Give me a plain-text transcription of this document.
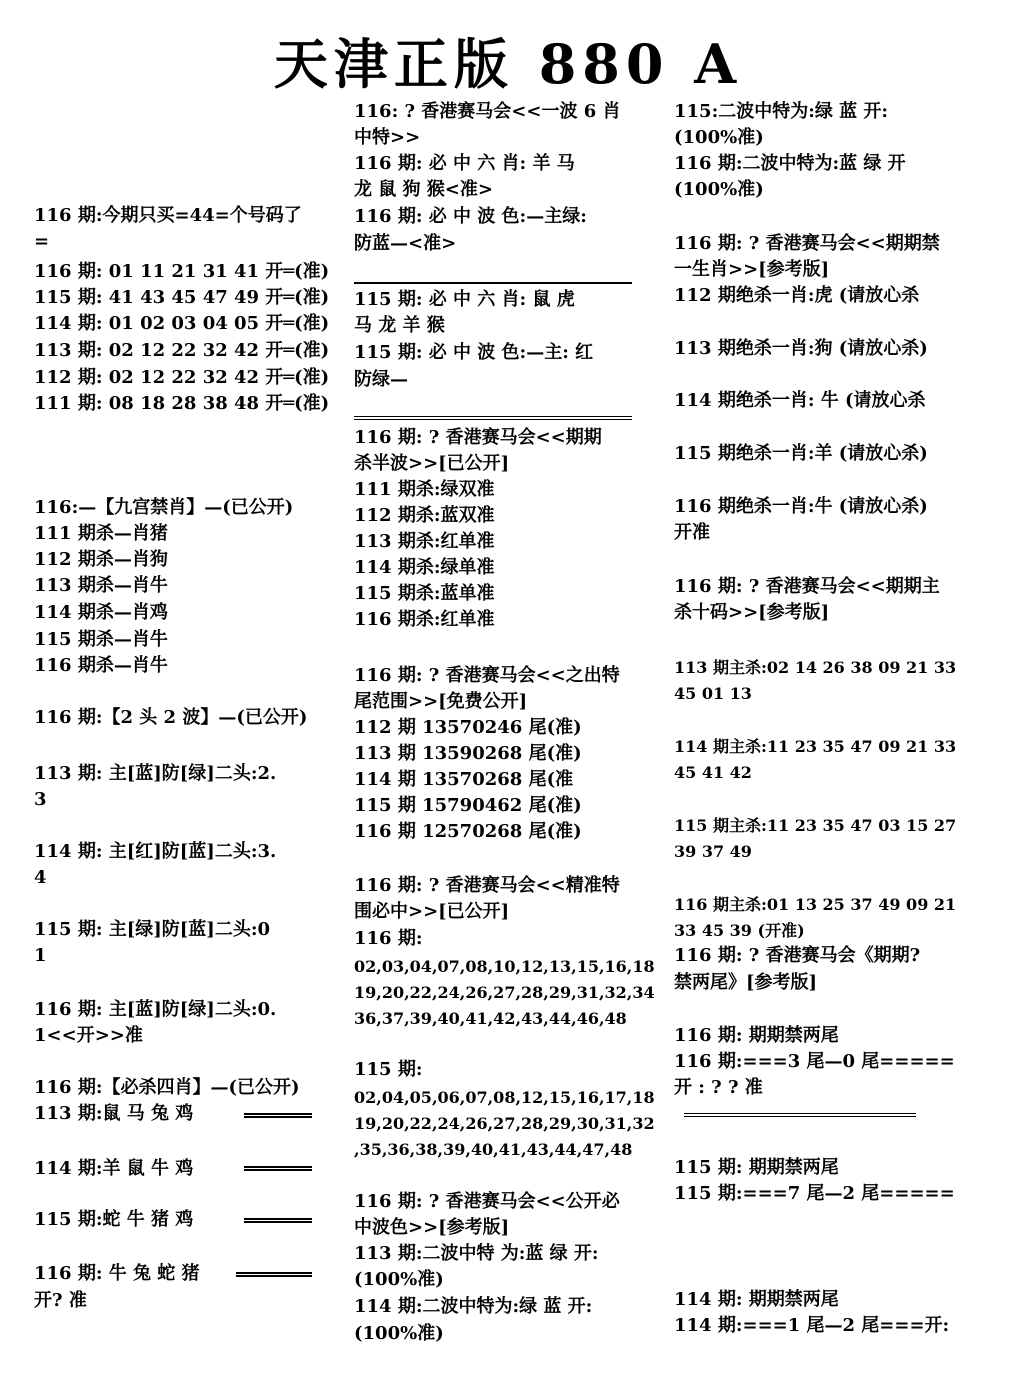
天津正版 880 A
116 期:今期只买=44=个号码了
=
116 期: 01 11 21 31 41 开═(准)
115 期: 41 43 45 47 49 开═(准)
114 期: 01 02 03 04 05 开═(准)
113 期: 02 12 22 32 42 开═(准)
112 期: 02 12 22 32 42 开═(准)
111 期: 08 18 28 38 48 开═(准)
116:—【九宫禁肖】—(已公开)
111 期杀—肖猪
112 期杀—肖狗
113 期杀—肖牛
114 期杀—肖鸡
115 期杀—肖牛
116 期杀—肖牛
116 期:【2 头 2 波】—(已公开)
113 期: 主[蓝]防[绿]二头:2.
3
114 期: 主[红]防[蓝]二头:3.
4
115 期: 主[绿]防[蓝]二头:0
1
116 期: 主[蓝]防[绿]二头:0.
1<<开>>准
116 期:【必杀四肖】—(已公开)
113 期:鼠 马 兔 鸡
114 期:羊 鼠 牛 鸡
115 期:蛇 牛 猪 鸡
116 期: 牛 兔 蛇 猪
开? 准
116: ? 香港赛马会<<一波 6 肖
中特>>
116 期: 必 中 六 肖: 羊 马
龙 鼠 狗 猴<准>
116 期: 必 中 波 色:—主绿:
防蓝—<准>
115 期: 必 中 六 肖: 鼠 虎
马 龙 羊 猴
115 期: 必 中 波 色:—主: 红
防绿—
116 期: ? 香港赛马会<<期期
杀半波>>[已公开]
111 期杀:绿双准
112 期杀:蓝双准
113 期杀:红单准
114 期杀:绿单准
115 期杀:蓝单准
116 期杀:红单准
116 期: ? 香港赛马会<<之出特
尾范围>>[免费公开]
112 期 13570246 尾(准)
113 期 13590268 尾(准)
114 期 13570268 尾(准
115 期 15790462 尾(准)
116 期 12570268 尾(准)
116 期: ? 香港赛马会<<精准特
围必中>>[已公开]
116 期:
02,03,04,07,08,10,12,13,15,16,18
19,20,22,24,26,27,28,29,31,32,34
36,37,39,40,41,42,43,44,46,48
115 期:
02,04,05,06,07,08,12,15,16,17,18
19,20,22,24,26,27,28,29,30,31,32
,35,36,38,39,40,41,43,44,47,48
116 期: ? 香港赛马会<<公开必
中波色>>[参考版]
113 期:二波中特 为:蓝 绿 开:
(100%准)
114 期:二波中特为:绿 蓝 开:
(100%准)
115:二波中特为:绿 蓝 开:
(100%准)
116 期:二波中特为:蓝 绿 开
(100%准)
116 期: ? 香港赛马会<<期期禁
一生肖>>[参考版]
112 期绝杀一肖:虎 (请放心杀
113 期绝杀一肖:狗 (请放心杀)
114 期绝杀一肖: 牛 (请放心杀
115 期绝杀一肖:羊 (请放心杀)
116 期绝杀一肖:牛 (请放心杀)
开准
116 期: ? 香港赛马会<<期期主
杀十码>>[参考版]
113 期主杀:02 14 26 38 09 21 33
45 01 13
114 期主杀:11 23 35 47 09 21 33
45 41 42
115 期主杀:11 23 35 47 03 15 27
39 37 49
116 期主杀:01 13 25 37 49 09 21
33 45 39 (开准)
116 期: ? 香港赛马会《期期?
禁两尾》[参考版]
116 期: 期期禁两尾
116 期:===3 尾—0 尾=====
开 : ? ? 准
115 期: 期期禁两尾
115 期:===7 尾—2 尾=====
114 期: 期期禁两尾
114 期:===1 尾—2 尾===开:
